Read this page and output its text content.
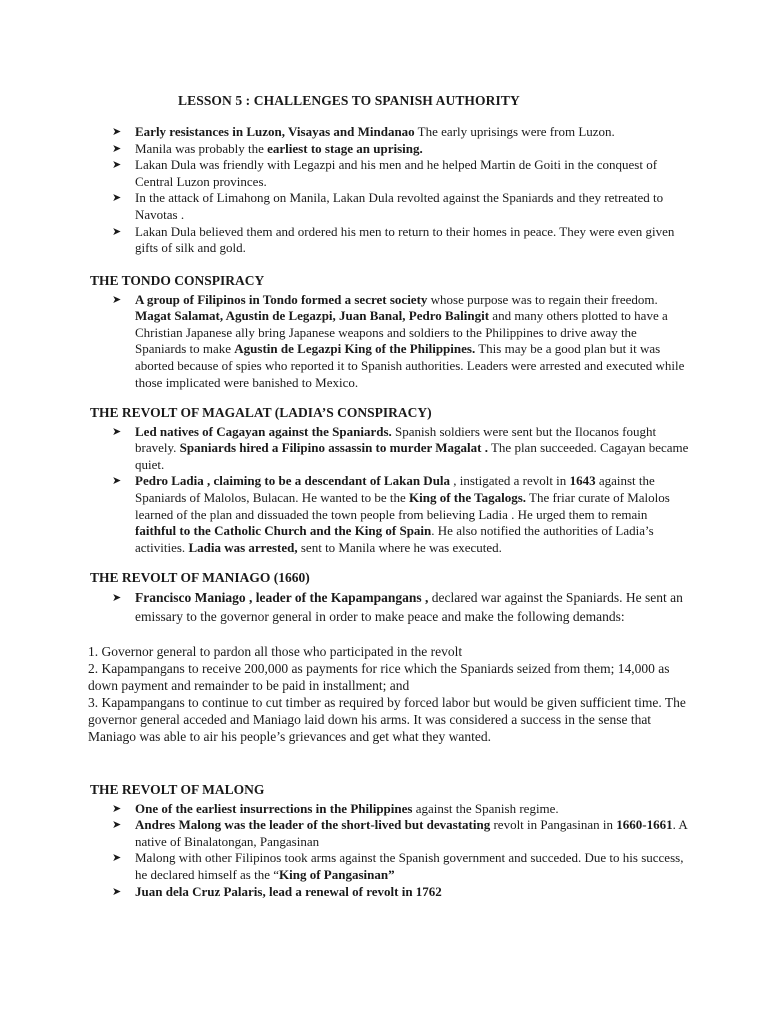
LESSON 5 : CHALLENGES TO SPANISH AUTHORITY
➤ Early resistances in Luzon, Visayas and Mindanao The early uprisings were from Luzon.
➤ Manila was probably the earliest to stage an uprising.
➤ Lakan Dula was friendly with Legazpi and his men and he helped Martin de Goiti in the conquest of Central Luzon provinces.
➤ In the attack of Limahong on Manila, Lakan Dula revolted against the Spaniards and they retreated to Navotas .
➤ Lakan Dula believed them and ordered his men to return to their homes in peace. They were even given gifts of silk and gold.
THE TONDO CONSPIRACY
➤ A group of Filipinos in Tondo formed a secret society whose purpose was to regain their freedom. Magat Salamat, Agustin de Legazpi, Juan Banal, Pedro Balingit and many others plotted to have a Christian Japanese ally bring Japanese weapons and soldiers to the Philippines to drive away the Spaniards to make Agustin de Legazpi King of the Philippines. This may be a good plan but it was aborted because of spies who reported it to Spanish authorities. Leaders were arrested and executed while those implicated were banished to Mexico.
THE REVOLT OF MAGALAT (LADIA’S CONSPIRACY)
➤ Led natives of Cagayan against the Spaniards. Spanish soldiers were sent but the Ilocanos fought bravely. Spaniards hired a Filipino assassin to murder Magalat . The plan succeeded. Cagayan became quiet.
➤ Pedro Ladia , claiming to be a descendant of Lakan Dula , instigated a revolt in 1643 against the Spaniards of Malolos, Bulacan. He wanted to be the King of the Tagalogs. The friar curate of Malolos learned of the plan and dissuaded the town people from believing Ladia . He urged them to remain faithful to the Catholic Church and the King of Spain. He also notified the authorities of Ladia’s activities. Ladia was arrested, sent to Manila where he was executed.
THE REVOLT OF MANIAGO (1660)
➤ Francisco Maniago , leader of the Kapampangans , declared war against the Spaniards. He sent an emissary to the governor general in order to make peace and make the following demands:

1. Governor general to pardon all those who participated in the revolt

2. Kapampangans to receive 200,000 as payments for rice which the Spaniards seized from them; 14,000 as down payment and remainder to be paid in installment; and

3. Kapampangans to continue to cut timber as required by forced labor but would be given sufficient time. The governor general acceded and Maniago laid down his arms. It was considered a success in the sense that Maniago was able to air his people’s grievances and get what they wanted.

THE REVOLT OF MALONG
➤ One of the earliest insurrections in the Philippines against the Spanish regime.
➤ Andres Malong was the leader of the short-lived but devastating revolt in Pangasinan in 1660-1661. A native of Binalatongan, Pangasinan
➤ Malong with other Filipinos took arms against the Spanish government and succeded. Due to his success, he declared himself as the “King of Pangasinan”
➤ Juan dela Cruz Palaris, lead a renewal of revolt in 1762
